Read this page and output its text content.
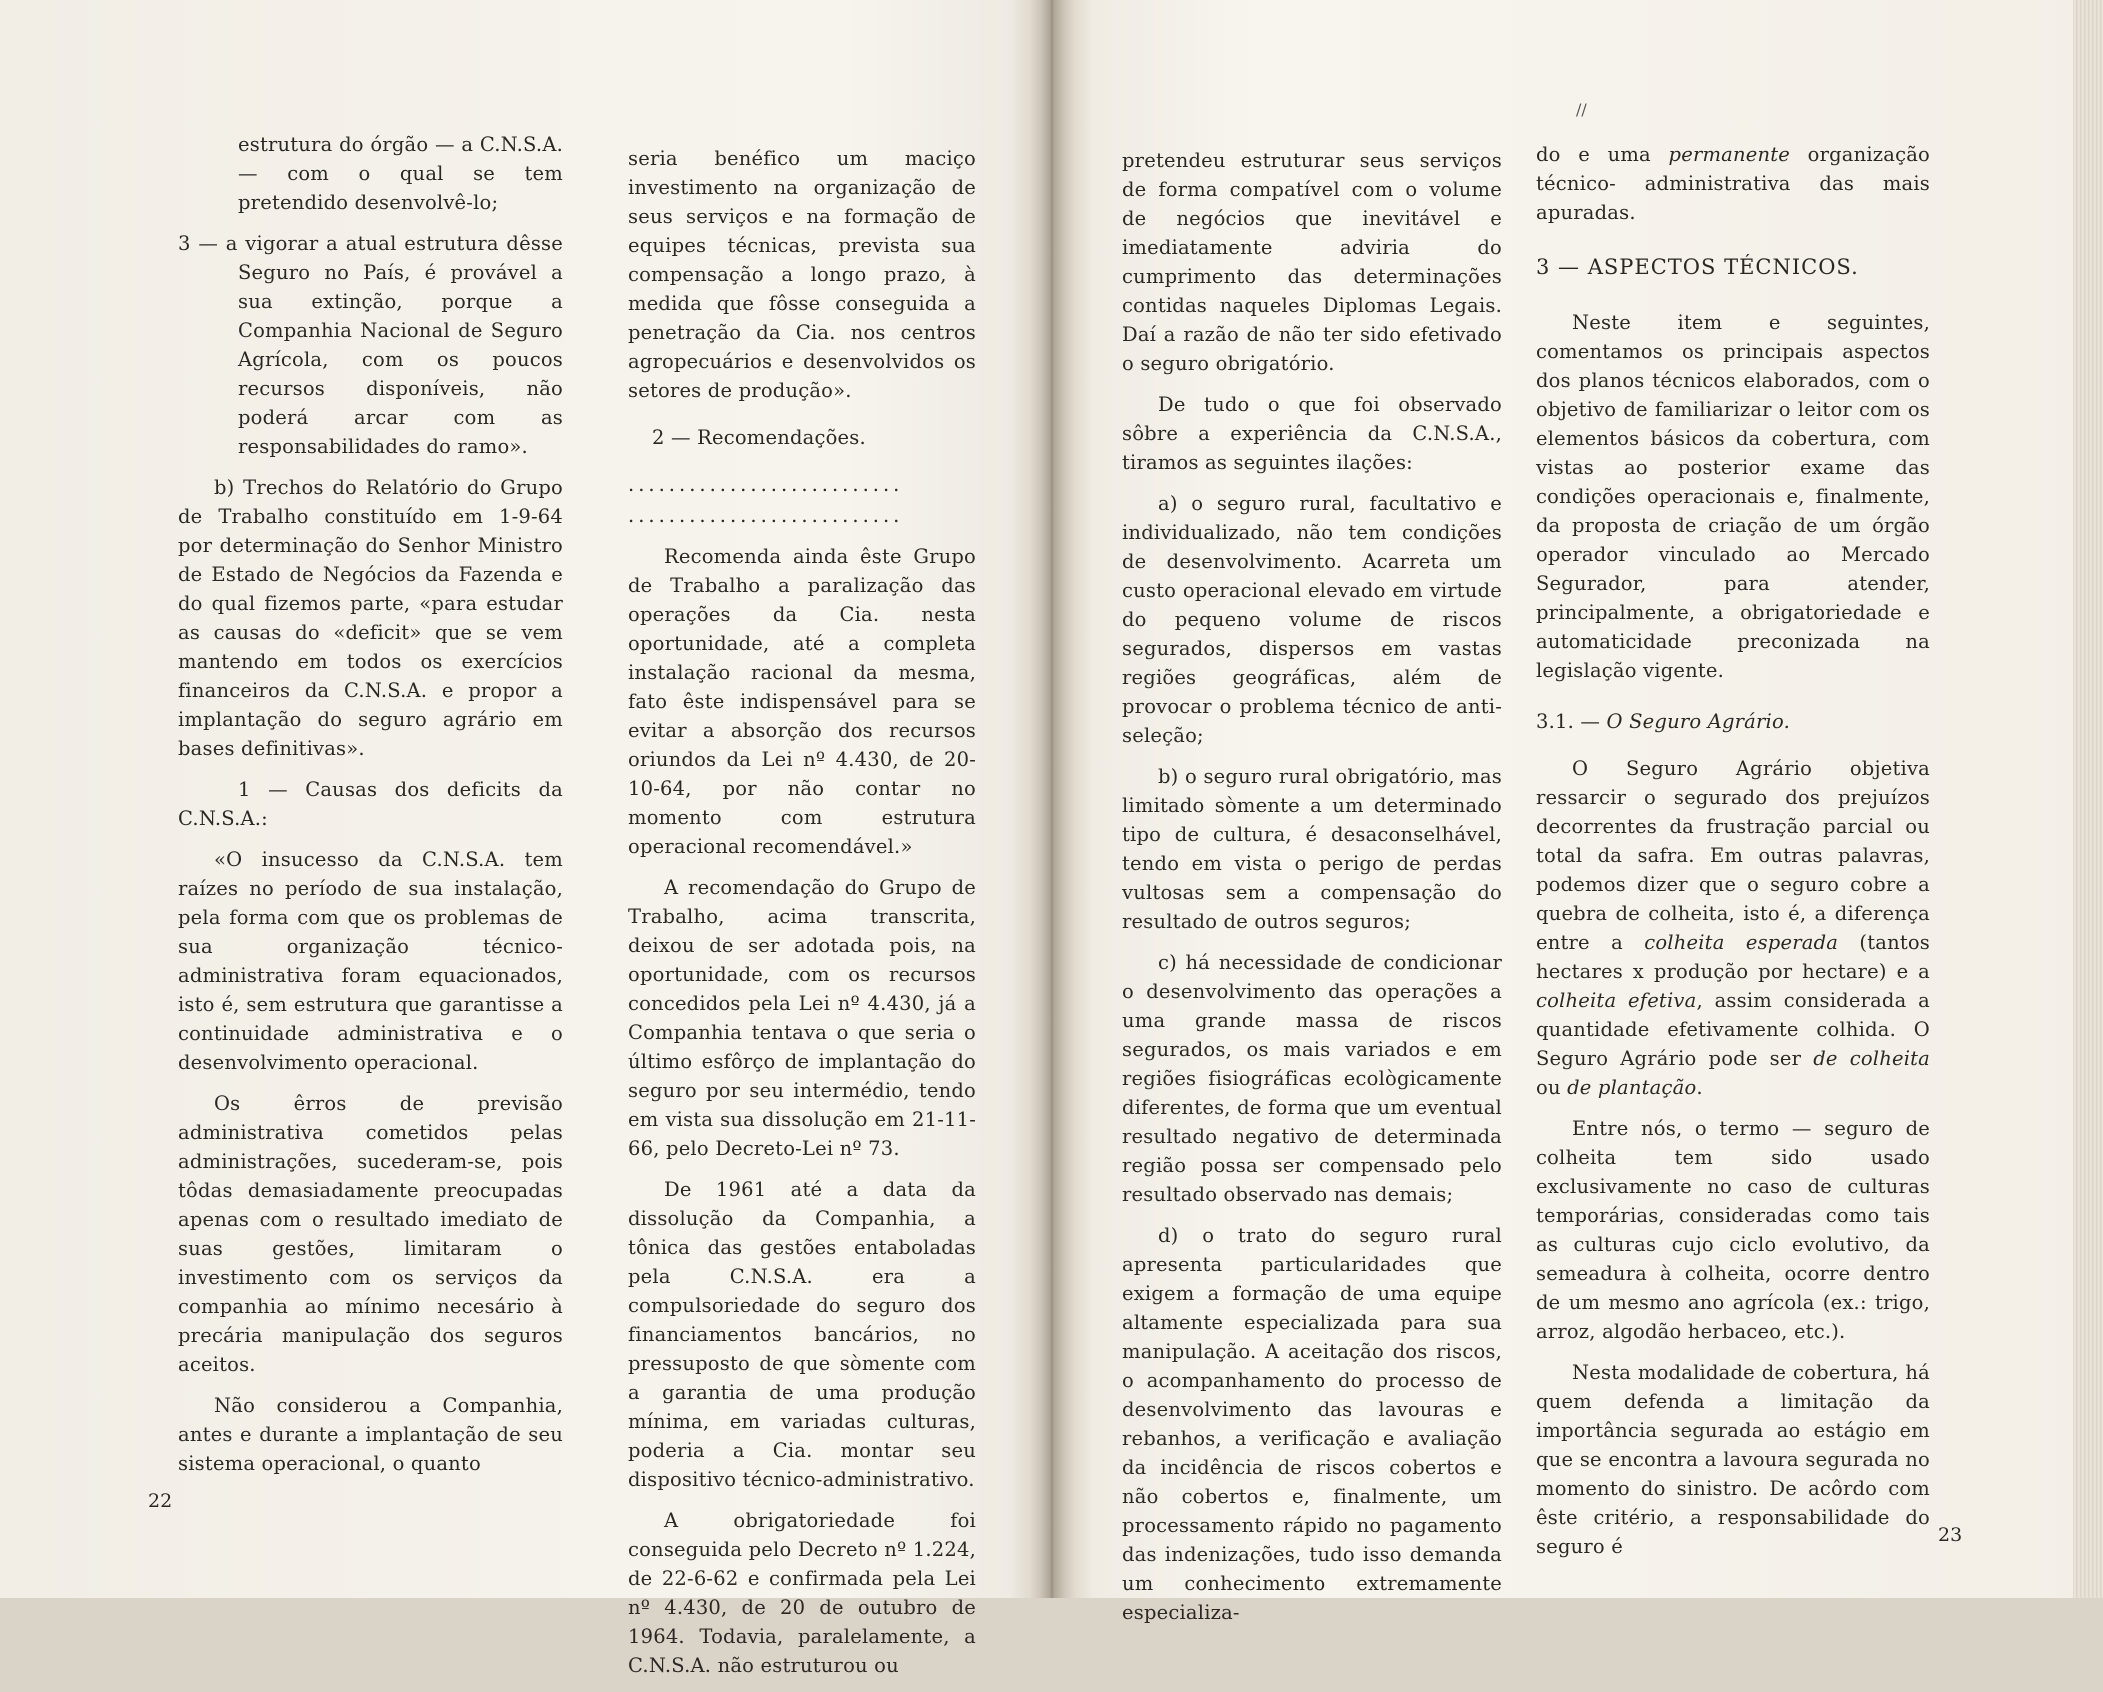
estrutura do órgão — a C.N.S.A. — com o qual se tem pretendido desenvolvê-lo;

3 — a vigorar a atual estrutura dêsse Seguro no País, é provável a sua extinção, porque a Companhia Nacional de Seguro Agrícola, com os poucos recursos disponíveis, não poderá arcar com as responsabilidades do ramo».

b) Trechos do Relatório do Grupo de Trabalho constituído em 1-9-64 por determinação do Senhor Ministro de Estado de Negócios da Fazenda e do qual fizemos parte, «para estudar as causas do «deficit» que se vem mantendo em todos os exercícios financeiros da C.N.S.A. e propor a implantação do seguro agrário em bases definitivas».

1 — Causas dos deficits da C.N.S.A.:

«O insucesso da C.N.S.A. tem raízes no período de sua instalação, pela forma com que os problemas de sua organização técnico-administrativa foram equacionados, isto é, sem estrutura que garantisse a continuidade administrativa e o desenvolvimento operacional.

Os êrros de previsão administrativa cometidos pelas administrações, sucederam-se, pois tôdas demasiadamente preocupadas apenas com o resultado imediato de suas gestões, limitaram o investimento com os serviços da companhia ao mínimo necesário à precária manipulação dos seguros aceitos.

Não considerou a Companhia, antes e durante a implantação de seu sistema operacional, o quanto

seria benéfico um maciço investimento na organização de seus serviços e na formação de equipes técnicas, prevista sua compensação a longo prazo, à medida que fôsse conseguida a penetração da Cia. nos centros agropecuários e desenvolvidos os setores de produção».

2 — Recomendações.

...........................

...........................

Recomenda ainda êste Grupo de Trabalho a paralização das operações da Cia. nesta oportunidade, até a completa instalação racional da mesma, fato êste indispensável para se evitar a absorção dos recursos oriundos da Lei nº 4.430, de 20-10-64, por não contar no momento com estrutura operacional recomendável.»

A recomendação do Grupo de Trabalho, acima transcrita, deixou de ser adotada pois, na oportunidade, com os recursos concedidos pela Lei nº 4.430, já a Companhia tentava o que seria o último esfôrço de implantação do seguro por seu intermédio, tendo em vista sua dissolução em 21-11-66, pelo Decreto-Lei nº 73.

De 1961 até a data da dissolução da Companhia, a tônica das gestões entaboladas pela C.N.S.A. era a compulsoriedade do seguro dos financiamentos bancários, no pressuposto de que sòmente com a garantia de uma produção mínima, em variadas culturas, poderia a Cia. montar seu dispositivo técnico-administrativo.

A obrigatoriedade foi conseguida pelo Decreto nº 1.224, de 22-6-62 e confirmada pela Lei nº 4.430, de 20 de outubro de 1964. Todavia, paralelamente, a C.N.S.A. não estruturou ou

22
//

pretendeu estruturar seus serviços de forma compatível com o volume de negócios que inevitável e imediatamente adviria do cumprimento das determinações contidas naqueles Diplomas Legais. Daí a razão de não ter sido efetivado o seguro obrigatório.

De tudo o que foi observado sôbre a experiência da C.N.S.A., tiramos as seguintes ilações:

a) o seguro rural, facultativo e individualizado, não tem condições de desenvolvimento. Acarreta um custo operacional elevado em virtude do pequeno volume de riscos segurados, dispersos em vastas regiões geográficas, além de provocar o problema técnico de anti-seleção;

b) o seguro rural obrigatório, mas limitado sòmente a um determinado tipo de cultura, é desaconselhável, tendo em vista o perigo de perdas vultosas sem a compensação do resultado de outros seguros;

c) há necessidade de condicionar o desenvolvimento das operações a uma grande massa de riscos segurados, os mais variados e em regiões fisiográficas ecològicamente diferentes, de forma que um eventual resultado negativo de determinada região possa ser compensado pelo resultado observado nas demais;

d) o trato do seguro rural apresenta particularidades que exigem a formação de uma equipe altamente especializada para sua manipulação. A aceitação dos riscos, o acompanhamento do processo de desenvolvimento das lavouras e rebanhos, a verificação e avaliação da incidência de riscos cobertos e não cobertos e, finalmente, um processamento rápido no pagamento das indenizações, tudo isso demanda um conhecimento extremamente especializa-

do e uma permanente organização técnico- administrativa das mais apuradas.

3 — ASPECTOS TÉCNICOS.

Neste item e seguintes, comentamos os principais aspectos dos planos técnicos elaborados, com o objetivo de familiarizar o leitor com os elementos básicos da cobertura, com vistas ao posterior exame das condições operacionais e, finalmente, da proposta de criação de um órgão operador vinculado ao Mercado Segurador, para atender, principalmente, a obrigatoriedade e automaticidade preconizada na legislação vigente.

3.1. — O Seguro Agrário.

O Seguro Agrário objetiva ressarcir o segurado dos prejuízos decorrentes da frustração parcial ou total da safra. Em outras palavras, podemos dizer que o seguro cobre a quebra de colheita, isto é, a diferença entre a colheita esperada (tantos hectares x produção por hectare) e a colheita efetiva, assim considerada a quantidade efetivamente colhida. O Seguro Agrário pode ser de colheita ou de plantação.

Entre nós, o termo — seguro de colheita tem sido usado exclusivamente no caso de culturas temporárias, consideradas como tais as culturas cujo ciclo evolutivo, da semeadura à colheita, ocorre dentro de um mesmo ano agrícola (ex.: trigo, arroz, algodão herbaceo, etc.).

Nesta modalidade de cobertura, há quem defenda a limitação da importância segurada ao estágio em que se encontra a lavoura segurada no momento do sinistro. De acôrdo com êste critério, a responsabilidade do seguro é	23
